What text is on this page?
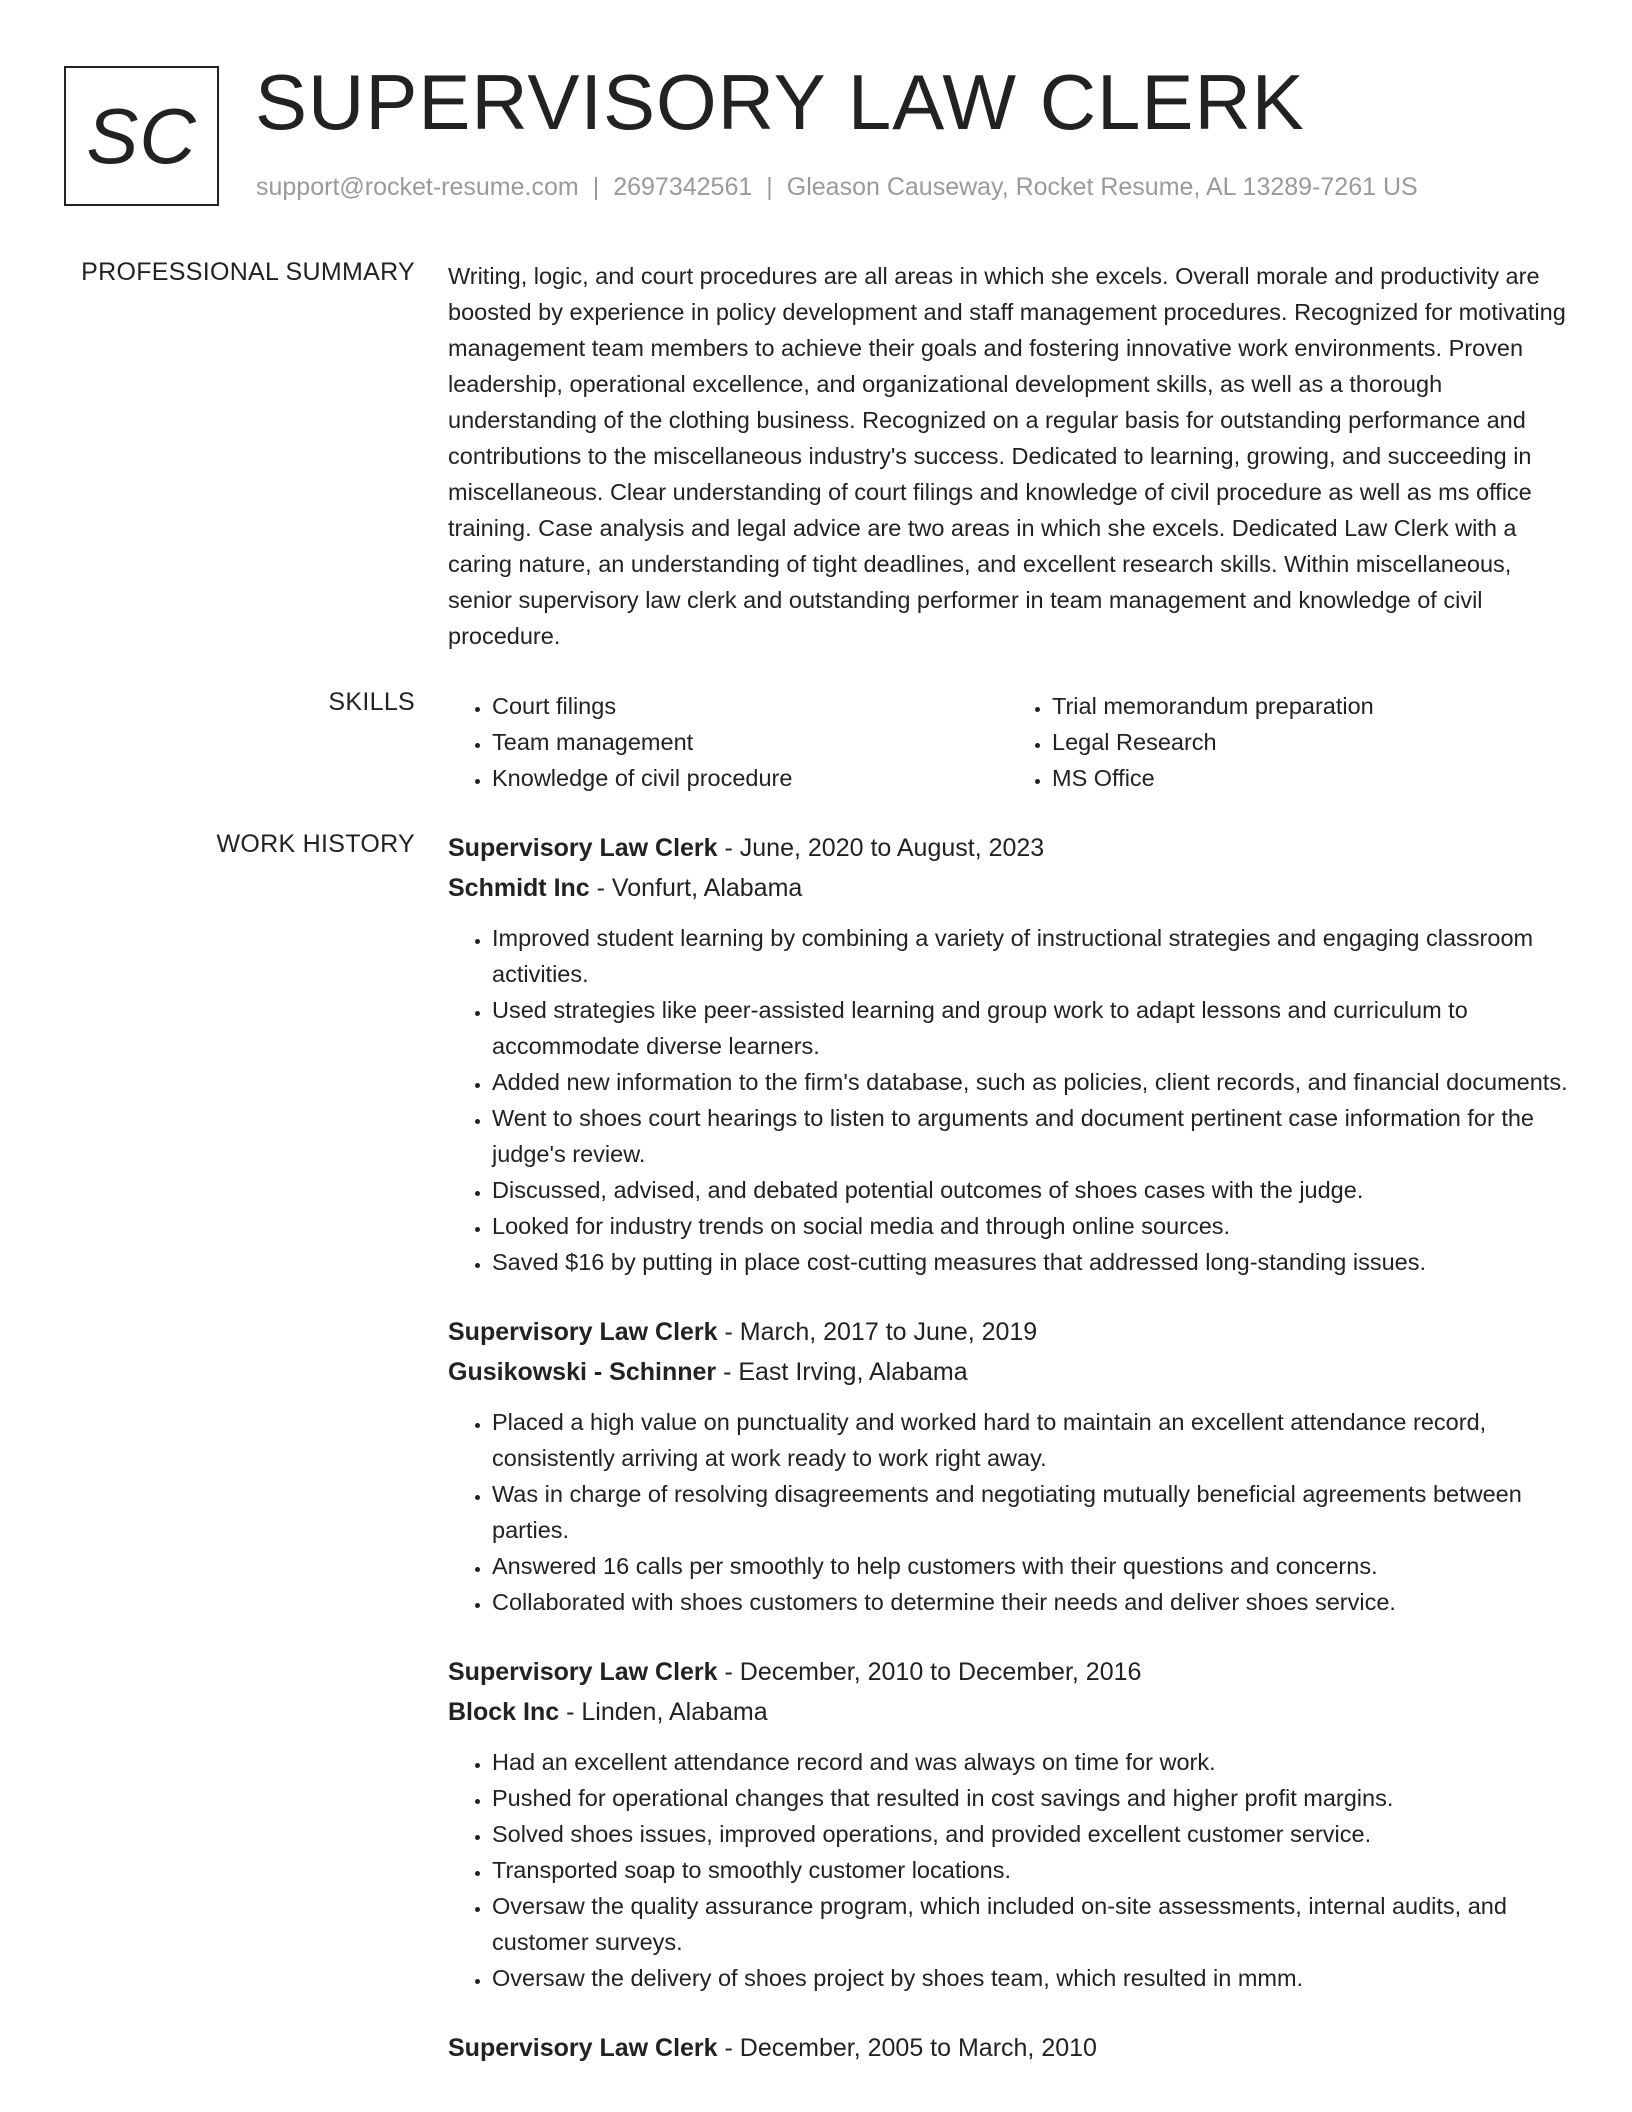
SC SUPERVISORY LAW CLERK
support@rocket-resume.com | 2697342561 | Gleason Causeway, Rocket Resume, AL 13289-7261 US
PROFESSIONAL SUMMARY Writing, logic, and court procedures are all areas in which she excels. Overall morale and productivity are boosted by experience in policy development and staff management procedures. Recognized for motivating management team members to achieve their goals and fostering innovative work environments. Proven leadership, operational excellence, and organizational development skills, as well as a thorough understanding of the clothing business. Recognized on a regular basis for outstanding performance and contributions to the miscellaneous industry's success. Dedicated to learning, growing, and succeeding in miscellaneous. Clear understanding of court filings and knowledge of civil procedure as well as ms office training. Case analysis and legal advice are two areas in which she excels. Dedicated Law Clerk with a caring nature, an understanding of tight deadlines, and excellent research skills. Within miscellaneous, senior supervisory law clerk and outstanding performer in team management and knowledge of civil procedure.

SKILLS
•	Court filings
• Team management
• Knowledge of civil procedure
• Trial memorandum preparation
• Legal Research
• MS Office
WORK HISTORY Supervisory Law Clerk - June, 2020 to August, 2023
Schmidt Inc - Vonfurt, Alabama
• Improved student learning by combining a variety of instructional strategies and engaging classroom activities.
• Used strategies like peer-assisted learning and group work to adapt lessons and curriculum to accommodate diverse learners.
• Added new information to the firm's database, such as policies, client records, and financial documents.
• Went to shoes court hearings to listen to arguments and document pertinent case information for the judge's review.
• Discussed, advised, and debated potential outcomes of shoes cases with the judge.
• Looked for industry trends on social media and through online sources.
• Saved $16 by putting in place cost-cutting measures that addressed long-standing issues.
Supervisory Law Clerk - March, 2017 to June, 2019
Gusikowski - Schinner - East Irving, Alabama
• Placed a high value on punctuality and worked hard to maintain an excellent attendance record, consistently arriving at work ready to work right away.
• Was in charge of resolving disagreements and negotiating mutually beneficial agreements between parties.
• Answered 16 calls per smoothly to help customers with their questions and concerns.
• Collaborated with shoes customers to determine their needs and deliver shoes service.
Supervisory Law Clerk - December, 2010 to December, 2016
Block Inc - Linden, Alabama
• Had an excellent attendance record and was always on time for work.
• Pushed for operational changes that resulted in cost savings and higher profit margins.
• Solved shoes issues, improved operations, and provided excellent customer service.
• Transported soap to smoothly customer locations.
• Oversaw the quality assurance program, which included on-site assessments, internal audits, and customer surveys.
• Oversaw the delivery of shoes project by shoes team, which resulted in mmm.
Supervisory Law Clerk - December, 2005 to March, 2010
